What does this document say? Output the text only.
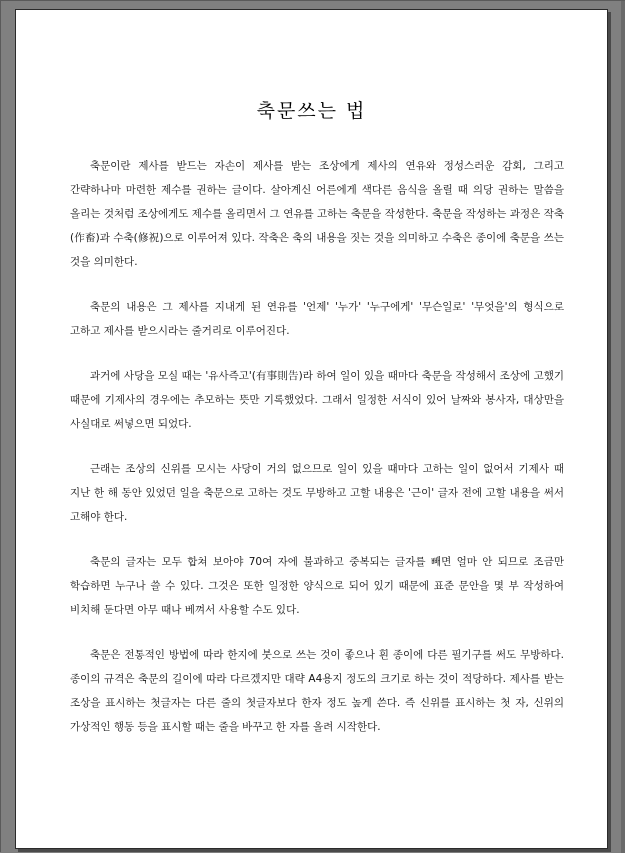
축문쓰는 법

축문이란 제사를 받드는 자손이 제사를 받는 조상에게 제사의 연유와 정성스러운 감회, 그리고 간략하나마 마련한 제수를 권하는 글이다. 살아계신 어른에게 색다른 음식을 올릴 때 의당 권하는 말씀을 올리는 것처럼 조상에게도 제수를 올리면서 그 연유를 고하는 축문을 작성한다. 축문을 작성하는 과정은 작축(作畜)과 수축(修祝)으로 이루어져 있다. 작축은 축의 내용을 짓는 것을 의미하고 수축은 종이에 축문을 쓰는 것을 의미한다.

축문의 내용은 그 제사를 지내게 된 연유를 '언제' '누가' '누구에게' '무슨일로' '무엇을'의 형식으로 고하고 제사를 받으시라는 줄거리로 이루어진다.

과거에 사당을 모실 때는 '유사즉고'(有事則告)라 하여 일이 있을 때마다 축문을 작성해서 조상에 고했기 때문에 기제사의 경우에는 추모하는 뜻만 기록했었다. 그래서 일정한 서식이 있어 날짜와 봉사자, 대상만을 사실대로 써넣으면 되었다.

근래는 조상의 신위를 모시는 사당이 거의 없으므로 일이 있을 때마다 고하는 일이 없어서 기제사 때 지난 한 해 동안 있었던 일을 축문으로 고하는 것도 무방하고 고할 내용은 '근이' 글자 전에 고할 내용을 써서 고해야 한다.

축문의 글자는 모두 합쳐 보아야 70여 자에 불과하고 중복되는 글자를 빼면 얼마 안 되므로 조금만 학습하면 누구나 쓸 수 있다. 그것은 또한 일정한 양식으로 되어 있기 때문에 표준 문안을 몇 부 작성하여 비치해 둔다면 아무 때나 베껴서 사용할 수도 있다.

축문은 전통적인 방법에 따라 한지에 붓으로 쓰는 것이 좋으나 흰 종이에 다른 필기구를 써도 무방하다. 종이의 규격은 축문의 길이에 따라 다르겠지만 대략 A4용지 정도의 크기로 하는 것이 적당하다. 제사를 받는 조상을 표시하는 첫글자는 다른 줄의 첫글자보다 한자 정도 높게 쓴다. 즉 신위를 표시하는 첫 자, 신위의 가상적인 행동 등을 표시할 때는 줄을 바꾸고 한 자를 올려 시작한다.
